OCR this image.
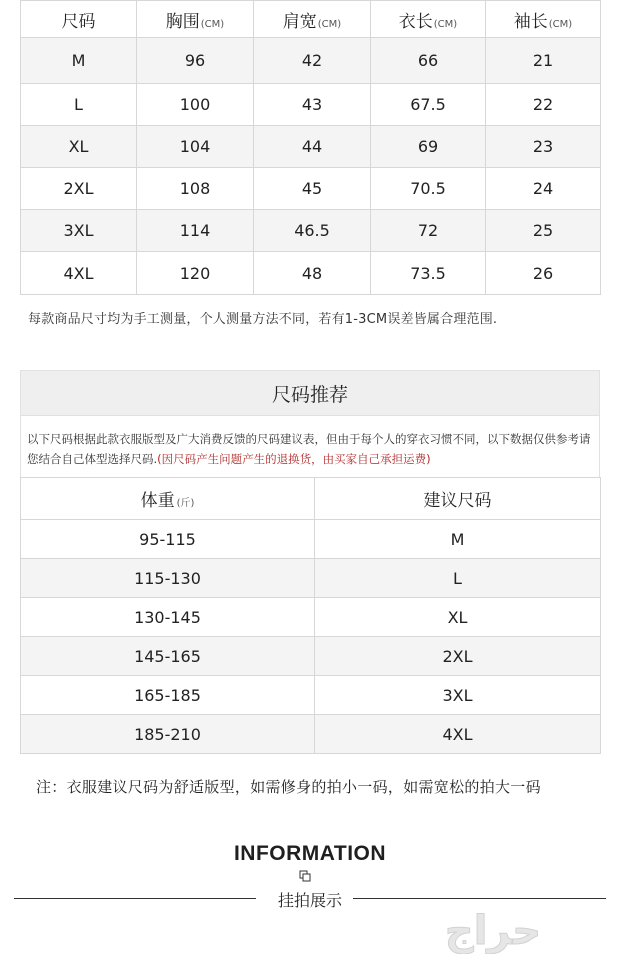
尺码	胸围(CM)	肩宽(CM)	衣长(CM)	袖长(CM)
M	96	42	66	21
L	100	43	67.5	22
XL	104	44	69	23
2XL	108	45	70.5	24
3XL	114	46.5	72	25
4XL	120	48	73.5	26
每款商品尺寸均为手工测量，个人测量方法不同，若有1-3CM误差皆属合理范围.
尺码推荐
以下尺码根据此款衣服版型及广大消费反馈的尺码建议表，但由于每个人的穿衣习惯不同，以下数据仅供参考请您结合自己体型选择尺码.(因尺码产生问题产生的退换货，由买家自己承担运费)
体重 (斤)	建议尺码
95-115	M
115-130	L
130-145	XL
145-165	2XL
165-185	3XL
185-210	4XL
注：衣服建议尺码为舒适版型，如需修身的拍小一码，如需宽松的拍大一码
INFORMATION
挂拍展示
حراج
